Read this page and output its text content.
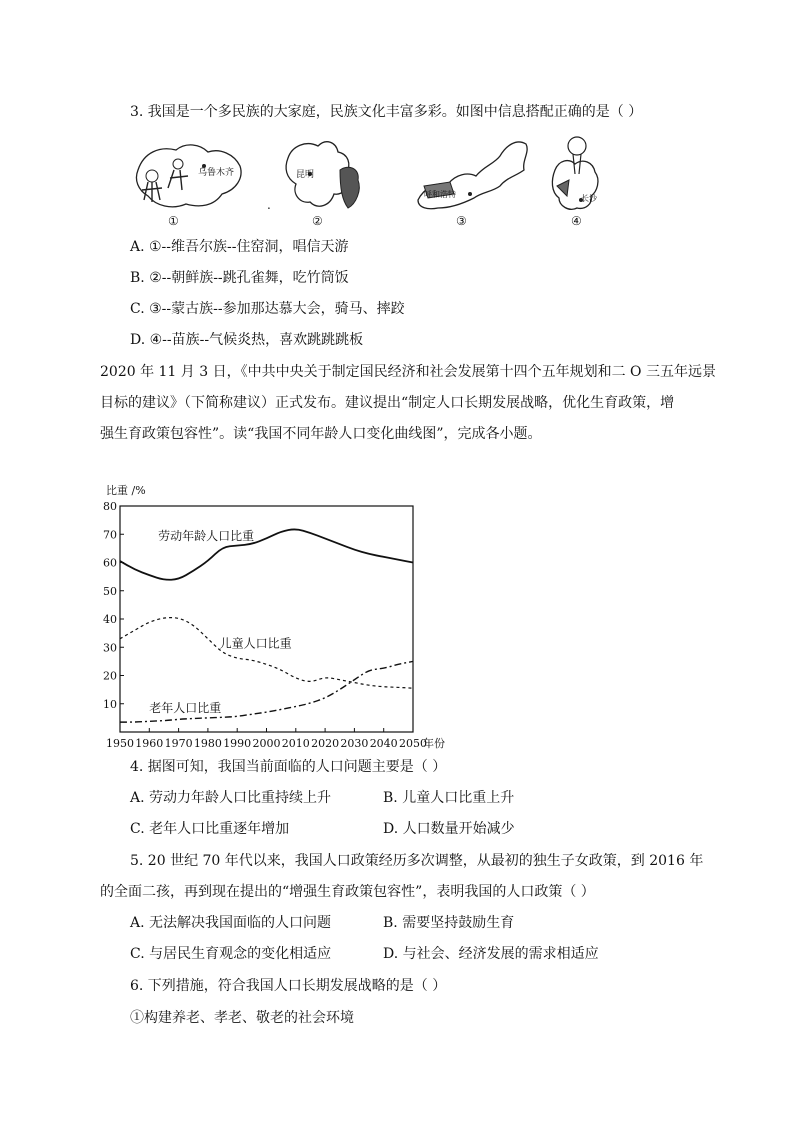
3. 我国是一个多民族的大家庭，民族文化丰富多彩。如图中信息搭配正确的是（ ）
乌鲁木齐
①
.
昆明
②
呼和浩特
③
长沙
④
A. ①--维吾尔族--住窑洞，唱信天游
B. ②--朝鲜族--跳孔雀舞，吃竹筒饭
C. ③--蒙古族--参加那达慕大会，骑马、摔跤
D. ④--苗族--气候炎热，喜欢跳跳跳板
2020 年 11 月 3 日，《中共中央关于制定国民经济和社会发展第十四个五年规划和二 O 三五年远景
目标的建议》（下简称建议）正式发布。建议提出“制定人口长期发展战略，优化生育政策，增
强生育政策包容性”。读“我国不同年龄人口变化曲线图”，完成各小题。
10
20
30
40
50
60
70
80
1950 1960 1970 1980 1990 2000 2010 2020 2030 2040 2050
比重 /%
年份
劳动年龄人口比重
儿童人口比重
老年人口比重
4. 据图可知，我国当前面临的人口问题主要是（ ）
A. 劳动力年龄人口比重持续上升	B. 儿童人口比重上升
C. 老年人口比重逐年增加	D. 人口数量开始减少
5. 20 世纪 70 年代以来，我国人口政策经历多次调整，从最初的独生子女政策，到 2016 年
的全面二孩，再到现在提出的“增强生育政策包容性”，表明我国的人口政策（ ）
A. 无法解决我国面临的人口问题	B. 需要坚持鼓励生育
C. 与居民生育观念的变化相适应	D. 与社会、经济发展的需求相适应
6. 下列措施，符合我国人口长期发展战略的是（ ）
①构建养老、孝老、敬老的社会环境
